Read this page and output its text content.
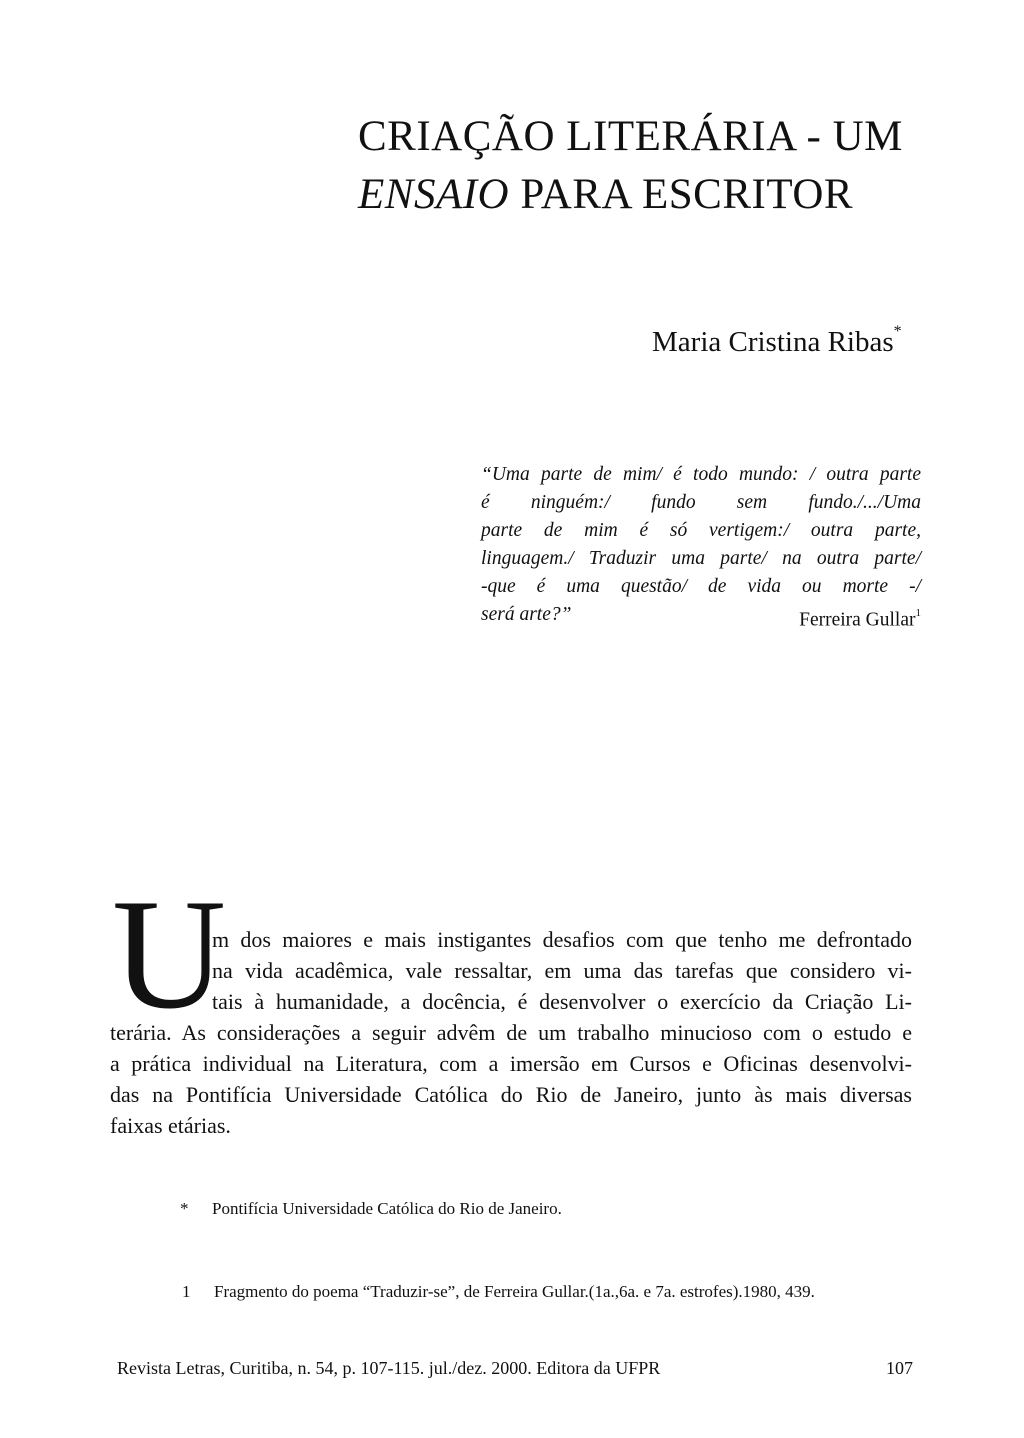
CRIAÇÃO LITERÁRIA - UM
ENSAIO PARA ESCRITOR
Maria Cristina Ribas*
“Uma parte de mim/ é todo mundo: / outra parte
é ninguém:/ fundo sem fundo./.../Uma
parte de mim é só vertigem:/ outra parte,
linguagem./ Traduzir uma parte/ na outra parte/
-que é uma questão/ de vida ou morte -/
será arte?”	Ferreira Gullar$^1$
U
m dos maiores e mais instigantes desafios com que tenho me defrontado
na vida acadêmica, vale ressaltar, em uma das tarefas que considero vi-
tais à humanidade, a docência, é desenvolver o exercício da Criação Li-
terária. As considerações a seguir advêm de um trabalho minucioso com o estudo e
a prática individual na Literatura, com a imersão em Cursos e Oficinas desenvolvi-
das na Pontifícia Universidade Católica do Rio de Janeiro, junto às mais diversas
faixas etárias.
*	Pontifícia Universidade Católica do Rio de Janeiro.
1	Fragmento do poema “Traduzir-se”, de Ferreira Gullar.(1a.,6a. e 7a. estrofes).1980, 439.
Revista Letras, Curitiba, n. 54, p. 107-115. jul./dez. 2000. Editora da UFPR	107
